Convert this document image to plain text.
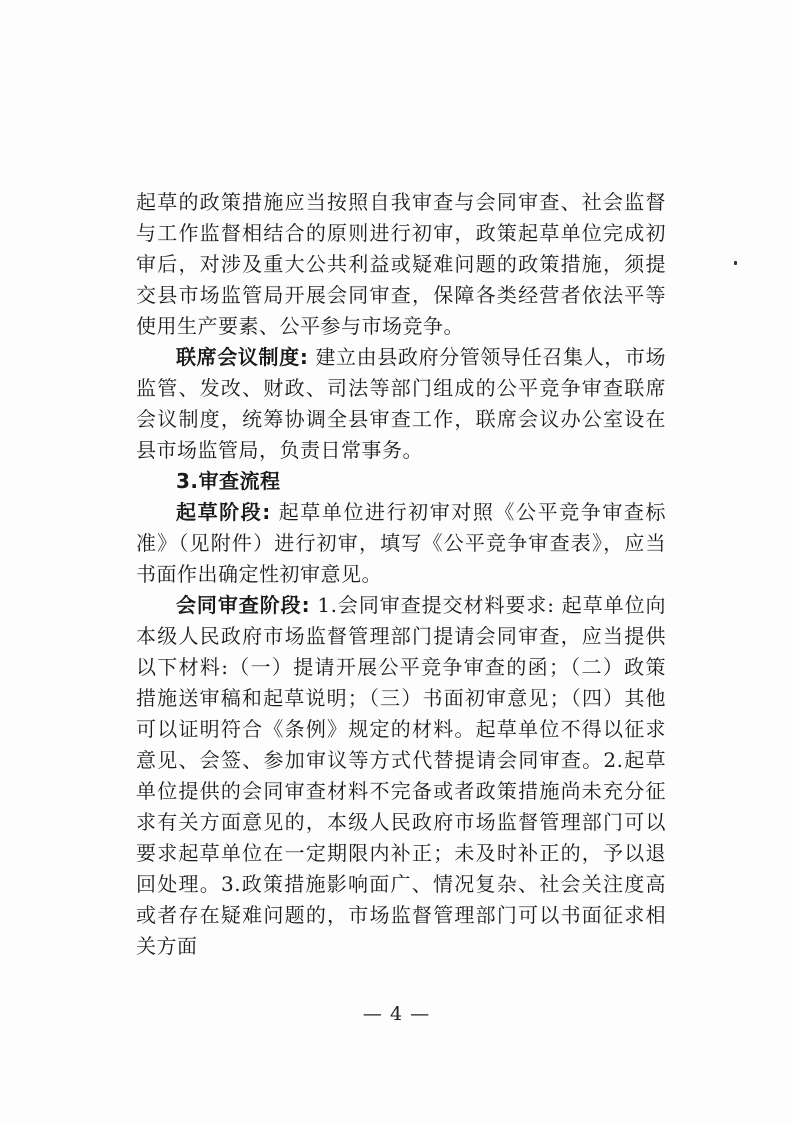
起草的政策措施应当按照自我审查与会同审查、社会监督与工作监督相结合的原则进行初审，政策起草单位完成初审后，对涉及重大公共利益或疑难问题的政策措施，须提交县市场监管局开展会同审查，保障各类经营者依法平等使用生产要素、公平参与市场竞争。

联席会议制度: 建立由县政府分管领导任召集人，市场监管、发改、财政、司法等部门组成的公平竞争审查联席会议制度，统筹协调全县审查工作，联席会议办公室设在县市场监管局，负责日常事务。

3.审查流程

起草阶段: 起草单位进行初审对照《公平竞争审查标准》（见附件）进行初审，填写《公平竞争审查表》，应当书面作出确定性初审意见。

会同审查阶段: 1.会同审查提交材料要求: 起草单位向本级人民政府市场监督管理部门提请会同审查，应当提供以下材料:（一）提请开展公平竞争审查的函；（二）政策措施送审稿和起草说明；（三）书面初审意见；（四）其他可以证明符合《条例》规定的材料。起草单位不得以征求意见、会签、参加审议等方式代替提请会同审查。2.起草单位提供的会同审查材料不完备或者政策措施尚未充分征求有关方面意见的，本级人民政府市场监督管理部门可以要求起草单位在一定期限内补正；未及时补正的，予以退回处理。3.政策措施影响面广、情况复杂、社会关注度高或者存在疑难问题的，市场监督管理部门可以书面征求相关方面

— 4 —
